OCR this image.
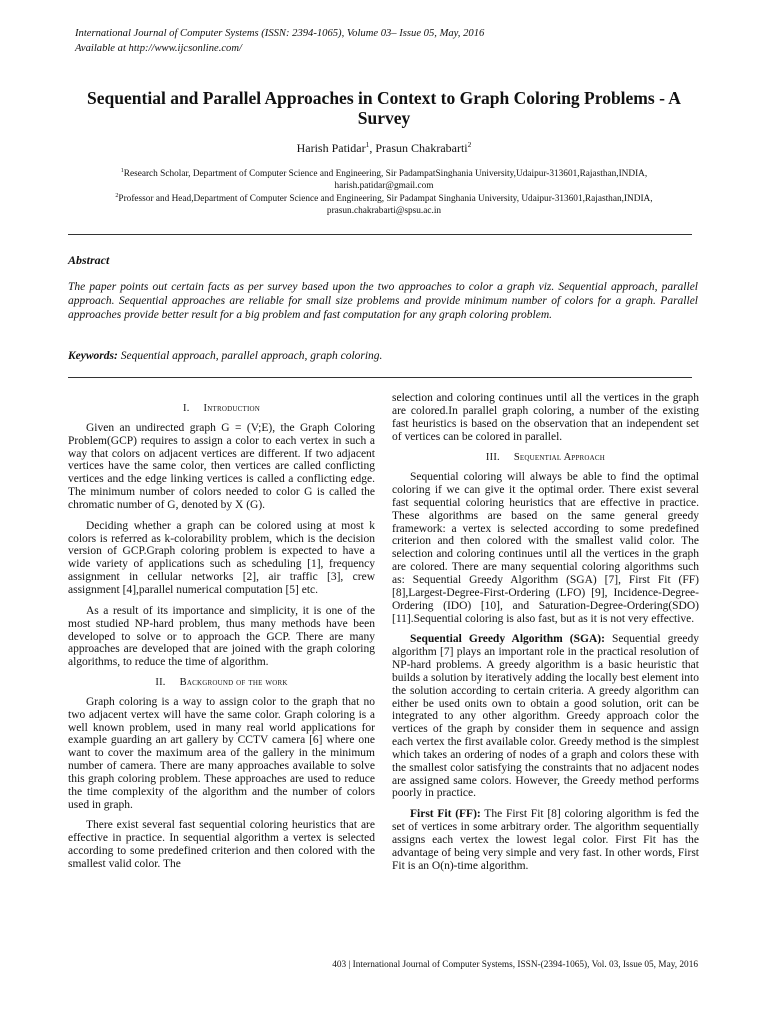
International Journal of Computer Systems (ISSN: 2394-1065), Volume 03– Issue 05, May, 2016
Available at http://www.ijcsonline.com/
Sequential and Parallel Approaches in Context to Graph Coloring Problems - A Survey
Harish Patidar$^1$, Prasun Chakrabarti$^2$
$^1$Research Scholar, Department of Computer Science and Engineering, Sir PadampatSinghania University,Udaipur-313601,Rajasthan,INDIA,
harish.patidar@gmail.com
$^2$Professor and Head,Department of Computer Science and Engineering, Sir Padampat Singhania University, Udaipur-313601,Rajasthan,INDIA,
prasun.chakrabarti@spsu.ac.in
Abstract
The paper points out certain facts as per survey based upon the two approaches to color a graph viz. Sequential approach, parallel approach. Sequential approaches are reliable for small size problems and provide minimum number of colors for a graph. Parallel approaches provide better result for a big problem and fast computation for any graph coloring problem.
Keywords: Sequential approach, parallel approach, graph coloring.
I. Introduction

Given an undirected graph G = (V;E), the Graph Coloring Problem(GCP) requires to assign a color to each vertex in such a way that colors on adjacent vertices are different. If two adjacent vertices have the same color, then vertices are called conflicting vertices and the edge linking vertices is called a conflicting edge. The minimum number of colors needed to color G is called the chromatic number of G, denoted by X (G).

Deciding whether a graph can be colored using at most k colors is referred as k-colorability problem, which is the decision version of GCP.Graph coloring problem is expected to have a wide variety of applications such as scheduling [1], frequency assignment in cellular networks [2], air traffic [3], crew assignment [4],parallel numerical computation [5] etc.

As a result of its importance and simplicity, it is one of the most studied NP-hard problem, thus many methods have been developed to solve or to approach the GCP. There are many approaches are developed that are joined with the graph coloring algorithms, to reduce the time of algorithm.

II. Background of the work

Graph coloring is a way to assign color to the graph that no two adjacent vertex will have the same color. Graph coloring is a well known problem, used in many real world applications for example guarding an art gallery by CCTV camera [6] where one want to cover the maximum area of the gallery in the minimum number of camera. There are many approaches available to solve this graph coloring problem. These approaches are used to reduce the time complexity of the algorithm and the number of colors used in graph.

There exist several fast sequential coloring heuristics that are effective in practice. In sequential algorithm a vertex is selected according to some predefined criterion and then colored with the smallest valid color. The

selection and coloring continues until all the vertices in the graph are colored.In parallel graph coloring, a number of the existing fast heuristics is based on the observation that an independent set of vertices can be colored in parallel.

III. Sequential Approach

Sequential coloring will always be able to find the optimal coloring if we can give it the optimal order. There exist several fast sequential coloring heuristics that are effective in practice. These algorithms are based on the same general greedy framework: a vertex is selected according to some predefined criterion and then colored with the smallest valid color. The selection and coloring continues until all the vertices in the graph are colored. There are many sequential coloring algorithms such as: Sequential Greedy Algorithm (SGA) [7], First Fit (FF)[8],Largest-Degree-First-Ordering (LFO) [9], Incidence-Degree-Ordering (IDO) [10], and Saturation-Degree-Ordering(SDO) [11].Sequential coloring is also fast, but as it is not very effective.

Sequential Greedy Algorithm (SGA): Sequential greedy algorithm [7] plays an important role in the practical resolution of NP-hard problems. A greedy algorithm is a basic heuristic that builds a solution by iteratively adding the locally best element into the solution according to certain criteria. A greedy algorithm can either be used onits own to obtain a good solution, orit can be integrated to any other algorithm. Greedy approach color the vertices of the graph by consider them in sequence and assign each vertex the first available color. Greedy method is the simplest which takes an ordering of nodes of a graph and colors these with the smallest color satisfying the constraints that no adjacent nodes are assigned same colors. However, the Greedy method performs poorly in practice.

First Fit (FF): The First Fit [8] coloring algorithm is fed the set of vertices in some arbitrary order. The algorithm sequentially assigns each vertex the lowest legal color. First Fit has the advantage of being very simple and very fast. In other words, First Fit is an O(n)-time algorithm.

403 | International Journal of Computer Systems, ISSN-(2394-1065), Vol. 03, Issue 05, May, 2016
